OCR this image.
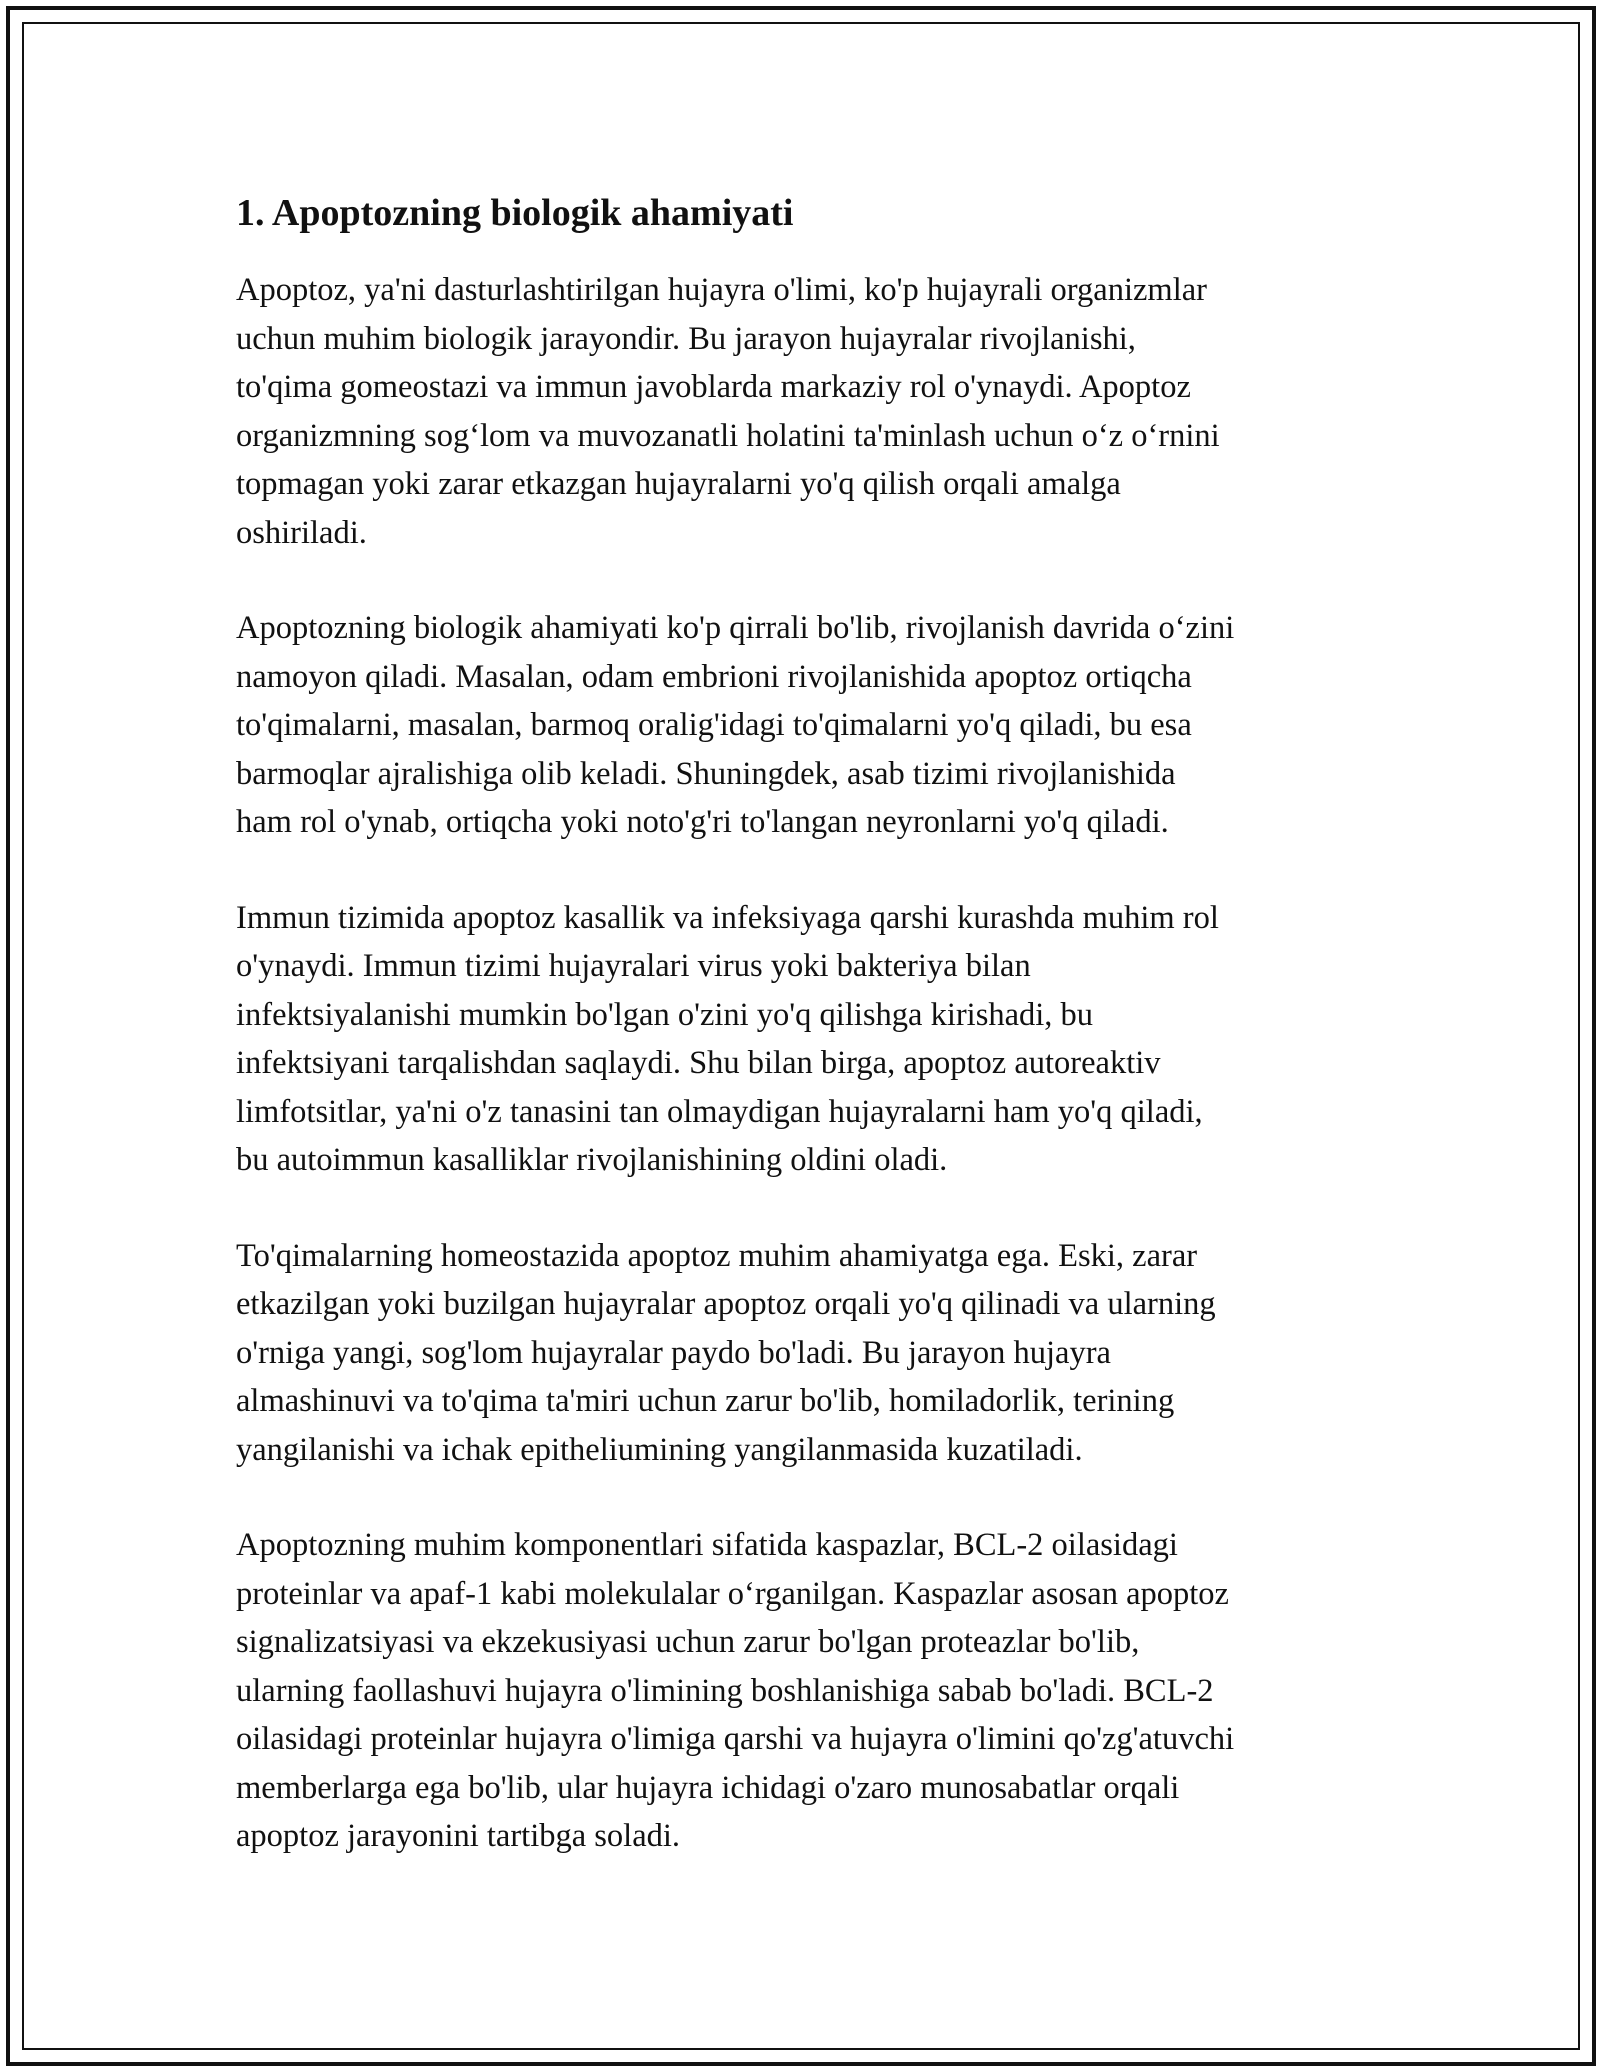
1. Apoptozning biologik ahamiyati

Apoptoz, ya'ni dasturlashtirilgan hujayra o'limi, ko'p hujayrali organizmlar
uchun muhim biologik jarayondir. Bu jarayon hujayralar rivojlanishi,
to'qima gomeostazi va immun javoblarda markaziy rol o'ynaydi. Apoptoz
organizmning sog‘lom va muvozanatli holatini ta'minlash uchun o‘z o‘rnini
topmagan yoki zarar etkazgan hujayralarni yo'q qilish orqali amalga
oshiriladi.

Apoptozning biologik ahamiyati ko'p qirrali bo'lib, rivojlanish davrida o‘zini
namoyon qiladi. Masalan, odam embrioni rivojlanishida apoptoz ortiqcha
to'qimalarni, masalan, barmoq oralig'idagi to'qimalarni yo'q qiladi, bu esa
barmoqlar ajralishiga olib keladi. Shuningdek, asab tizimi rivojlanishida
ham rol o'ynab, ortiqcha yoki noto'g'ri to'langan neyronlarni yo'q qiladi.

Immun tizimida apoptoz kasallik va infeksiyaga qarshi kurashda muhim rol
o'ynaydi. Immun tizimi hujayralari virus yoki bakteriya bilan
infektsiyalanishi mumkin bo'lgan o'zini yo'q qilishga kirishadi, bu
infektsiyani tarqalishdan saqlaydi. Shu bilan birga, apoptoz autoreaktiv
limfotsitlar, ya'ni o'z tanasini tan olmaydigan hujayralarni ham yo'q qiladi,
bu autoimmun kasalliklar rivojlanishining oldini oladi.

To'qimalarning homeostazida apoptoz muhim ahamiyatga ega. Eski, zarar
etkazilgan yoki buzilgan hujayralar apoptoz orqali yo'q qilinadi va ularning
o'rniga yangi, sog'lom hujayralar paydo bo'ladi. Bu jarayon hujayra
almashinuvi va to'qima ta'miri uchun zarur bo'lib, homiladorlik, terining
yangilanishi va ichak epitheliumining yangilanmasida kuzatiladi.

Apoptozning muhim komponentlari sifatida kaspazlar, BCL-2 oilasidagi
proteinlar va apaf-1 kabi molekulalar o‘rganilgan. Kaspazlar asosan apoptoz
signalizatsiyasi va ekzekusiyasi uchun zarur bo'lgan proteazlar bo'lib,
ularning faollashuvi hujayra o'limining boshlanishiga sabab bo'ladi. BCL-2
oilasidagi proteinlar hujayra o'limiga qarshi va hujayra o'limini qo'zg'atuvchi
memberlarga ega bo'lib, ular hujayra ichidagi o'zaro munosabatlar orqali
apoptoz jarayonini tartibga soladi.
